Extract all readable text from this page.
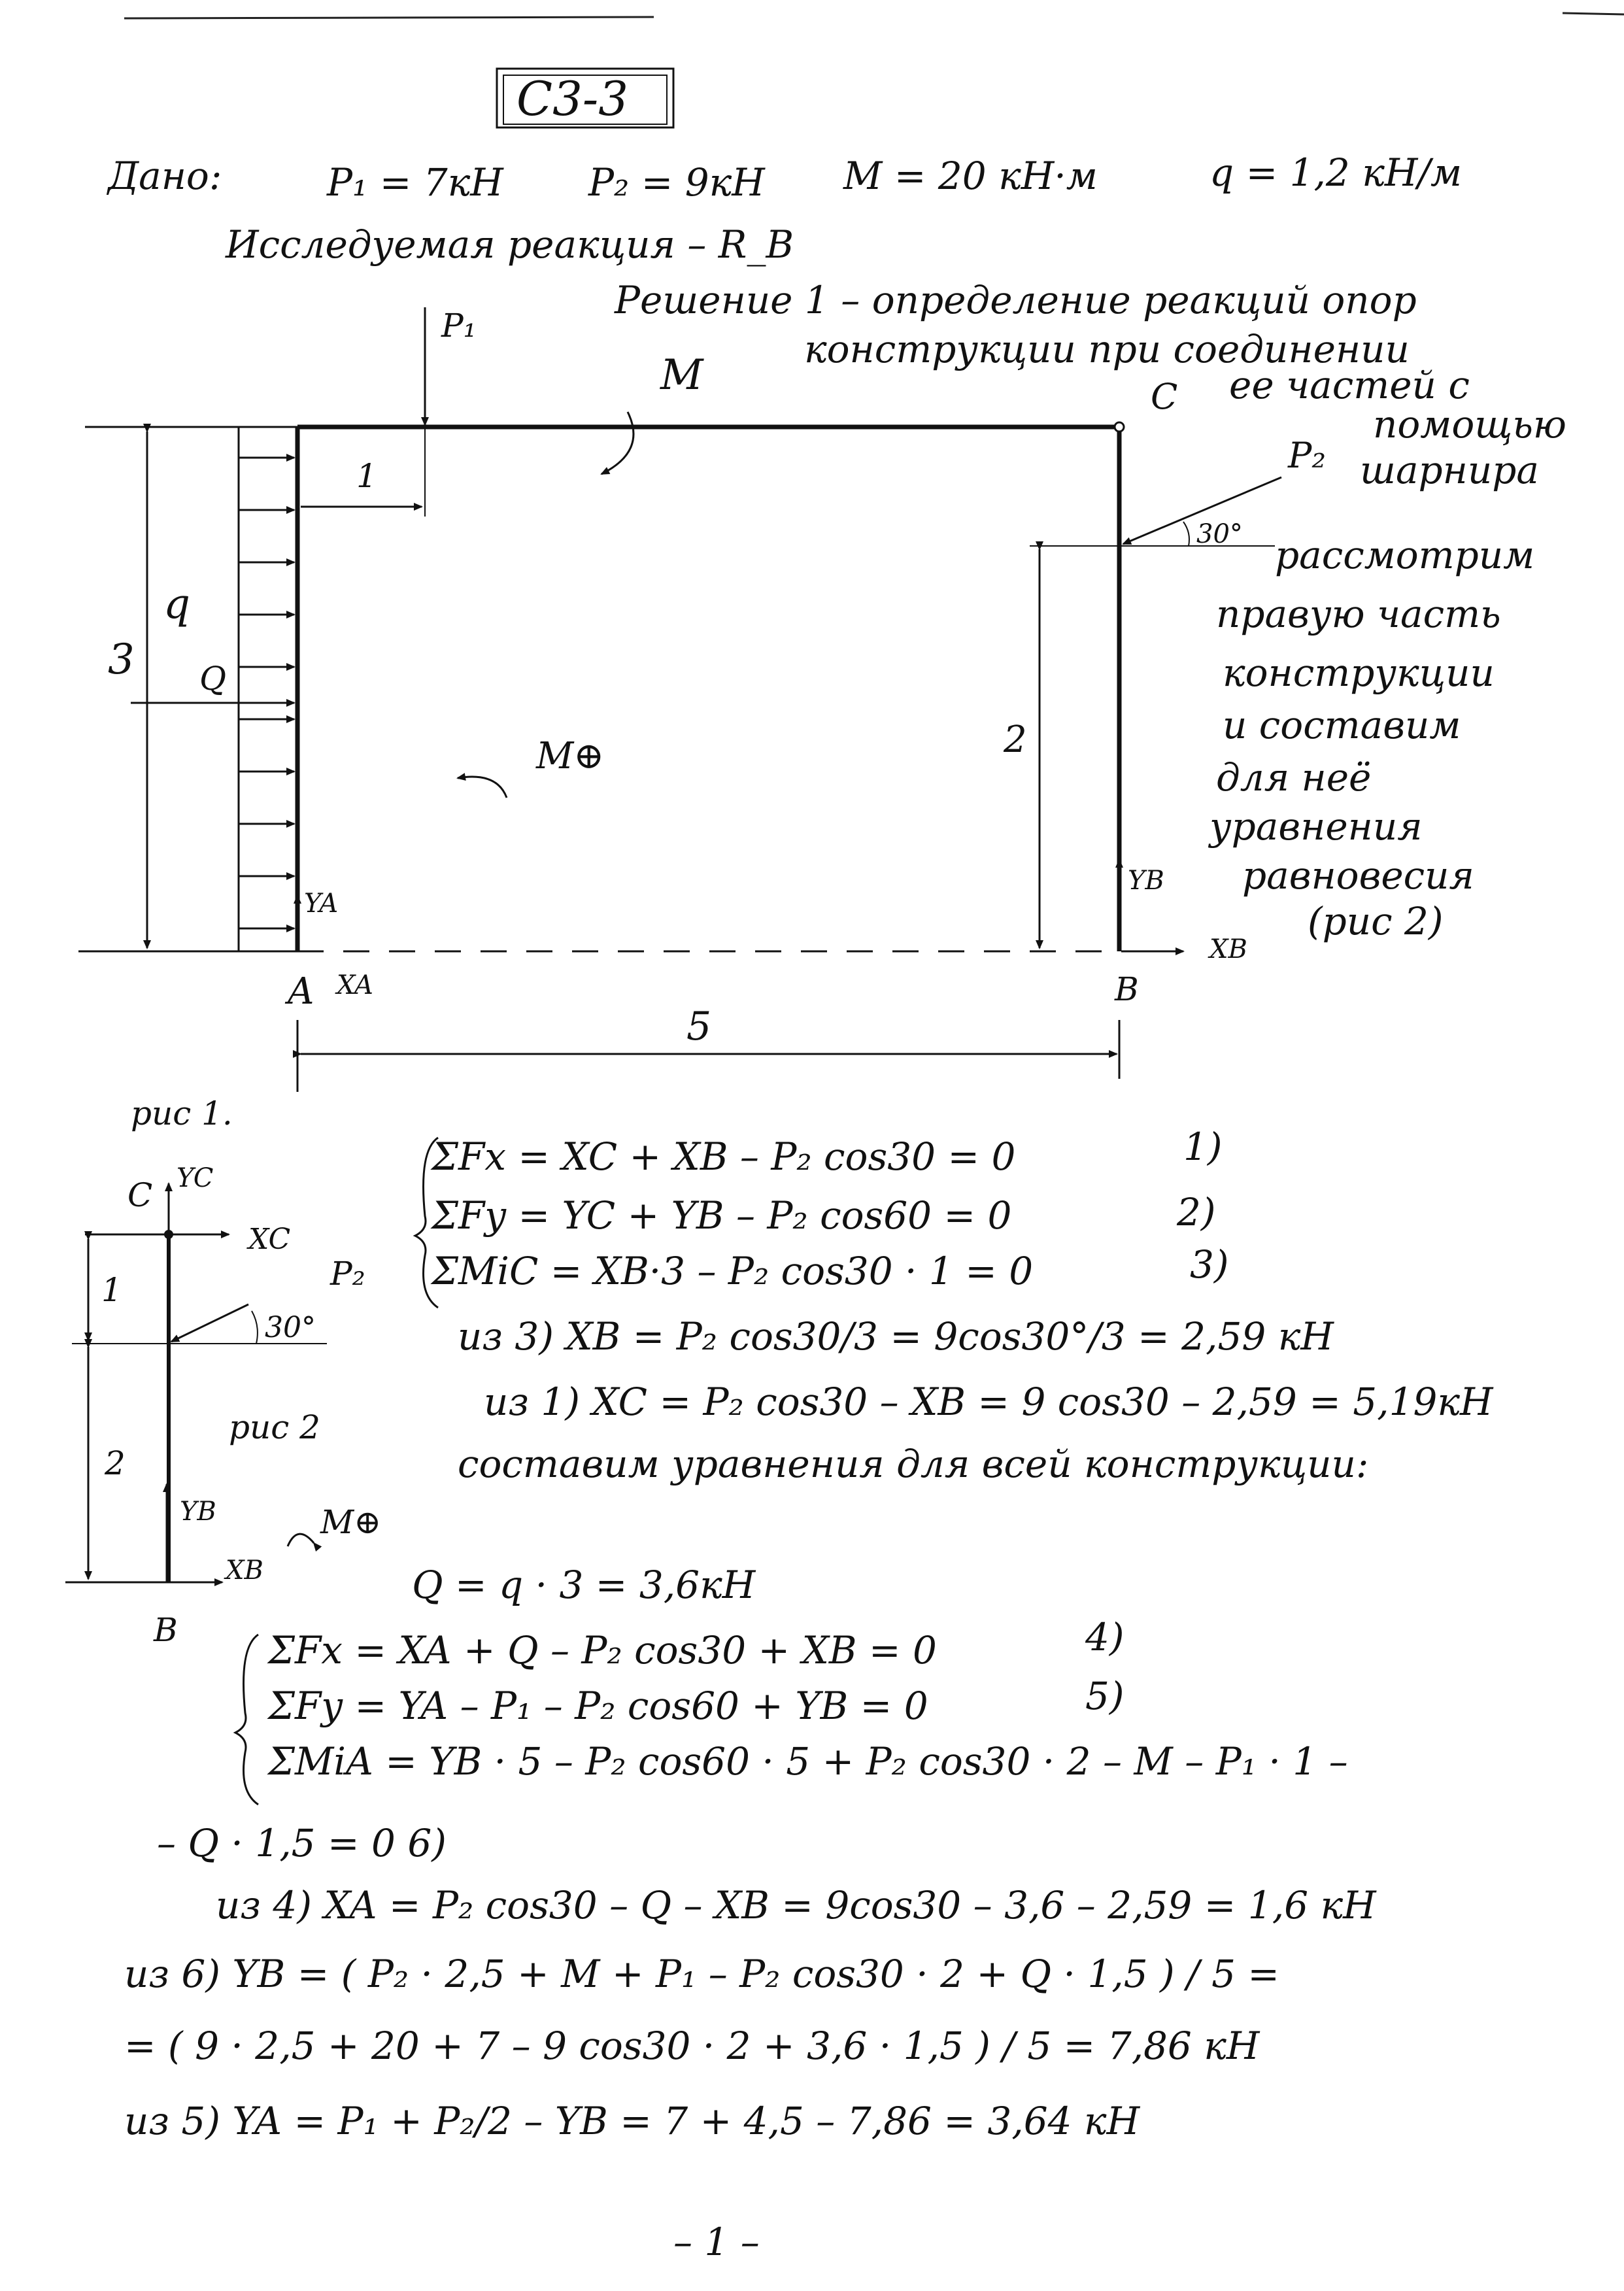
С3-3
Дано:	P₁ = 7кН P₂ = 9кН M = 20 кН·м	q = 1,2 кН/м
Исследуемая реакция – R_B
Решение 1 – определение реакций опор
конструкции при соединении
ее частей с
помощью
шарнира
рассмотрим
правую часть
конструкции
и составим
для неё
уравнения
равновесия
(рис 2)
P₁
M	C
P₂
30°
1
q
Q
3
M⊕	2
YA
XA
A
YB
XB
B
5
рис 1.
C YC
XC
P₂
30°
1
2
рис 2
YB
XB
B
M⊕
ΣFx = XC + XB – P₂ cos30 = 0	1)
ΣFy = YC + YB – P₂ cos60 = 0	2)
ΣMiC = XB·3 – P₂ cos30 · 1 = 0	3)
из 3) XB = P₂ cos30/3 = 9cos30°/3 = 2,59 кН
из 1) XC = P₂ cos30 – XB = 9 cos30 – 2,59 = 5,19кН
составим уравнения для всей конструкции:
Q = q · 3 = 3,6кН
ΣFx = XA + Q – P₂ cos30 + XB = 0	4)
ΣFy = YA – P₁ – P₂ cos60 + YB = 0	5)
ΣMiA = YB · 5 – P₂ cos60 · 5 + P₂ cos30 · 2 – M – P₁ · 1 –
– Q · 1,5 = 0 6)
из 4) XA = P₂ cos30 – Q – XB = 9cos30 – 3,6 – 2,59 = 1,6 кН
из 6) YB = ( P₂ · 2,5 + M + P₁ – P₂ cos30 · 2 + Q · 1,5 ) / 5 =
= ( 9 · 2,5 + 20 + 7 – 9 cos30 · 2 + 3,6 · 1,5 ) / 5 = 7,86 кН
из 5) YA = P₁ + P₂/2 – YB = 7 + 4,5 – 7,86 = 3,64 кН
– 1 –
